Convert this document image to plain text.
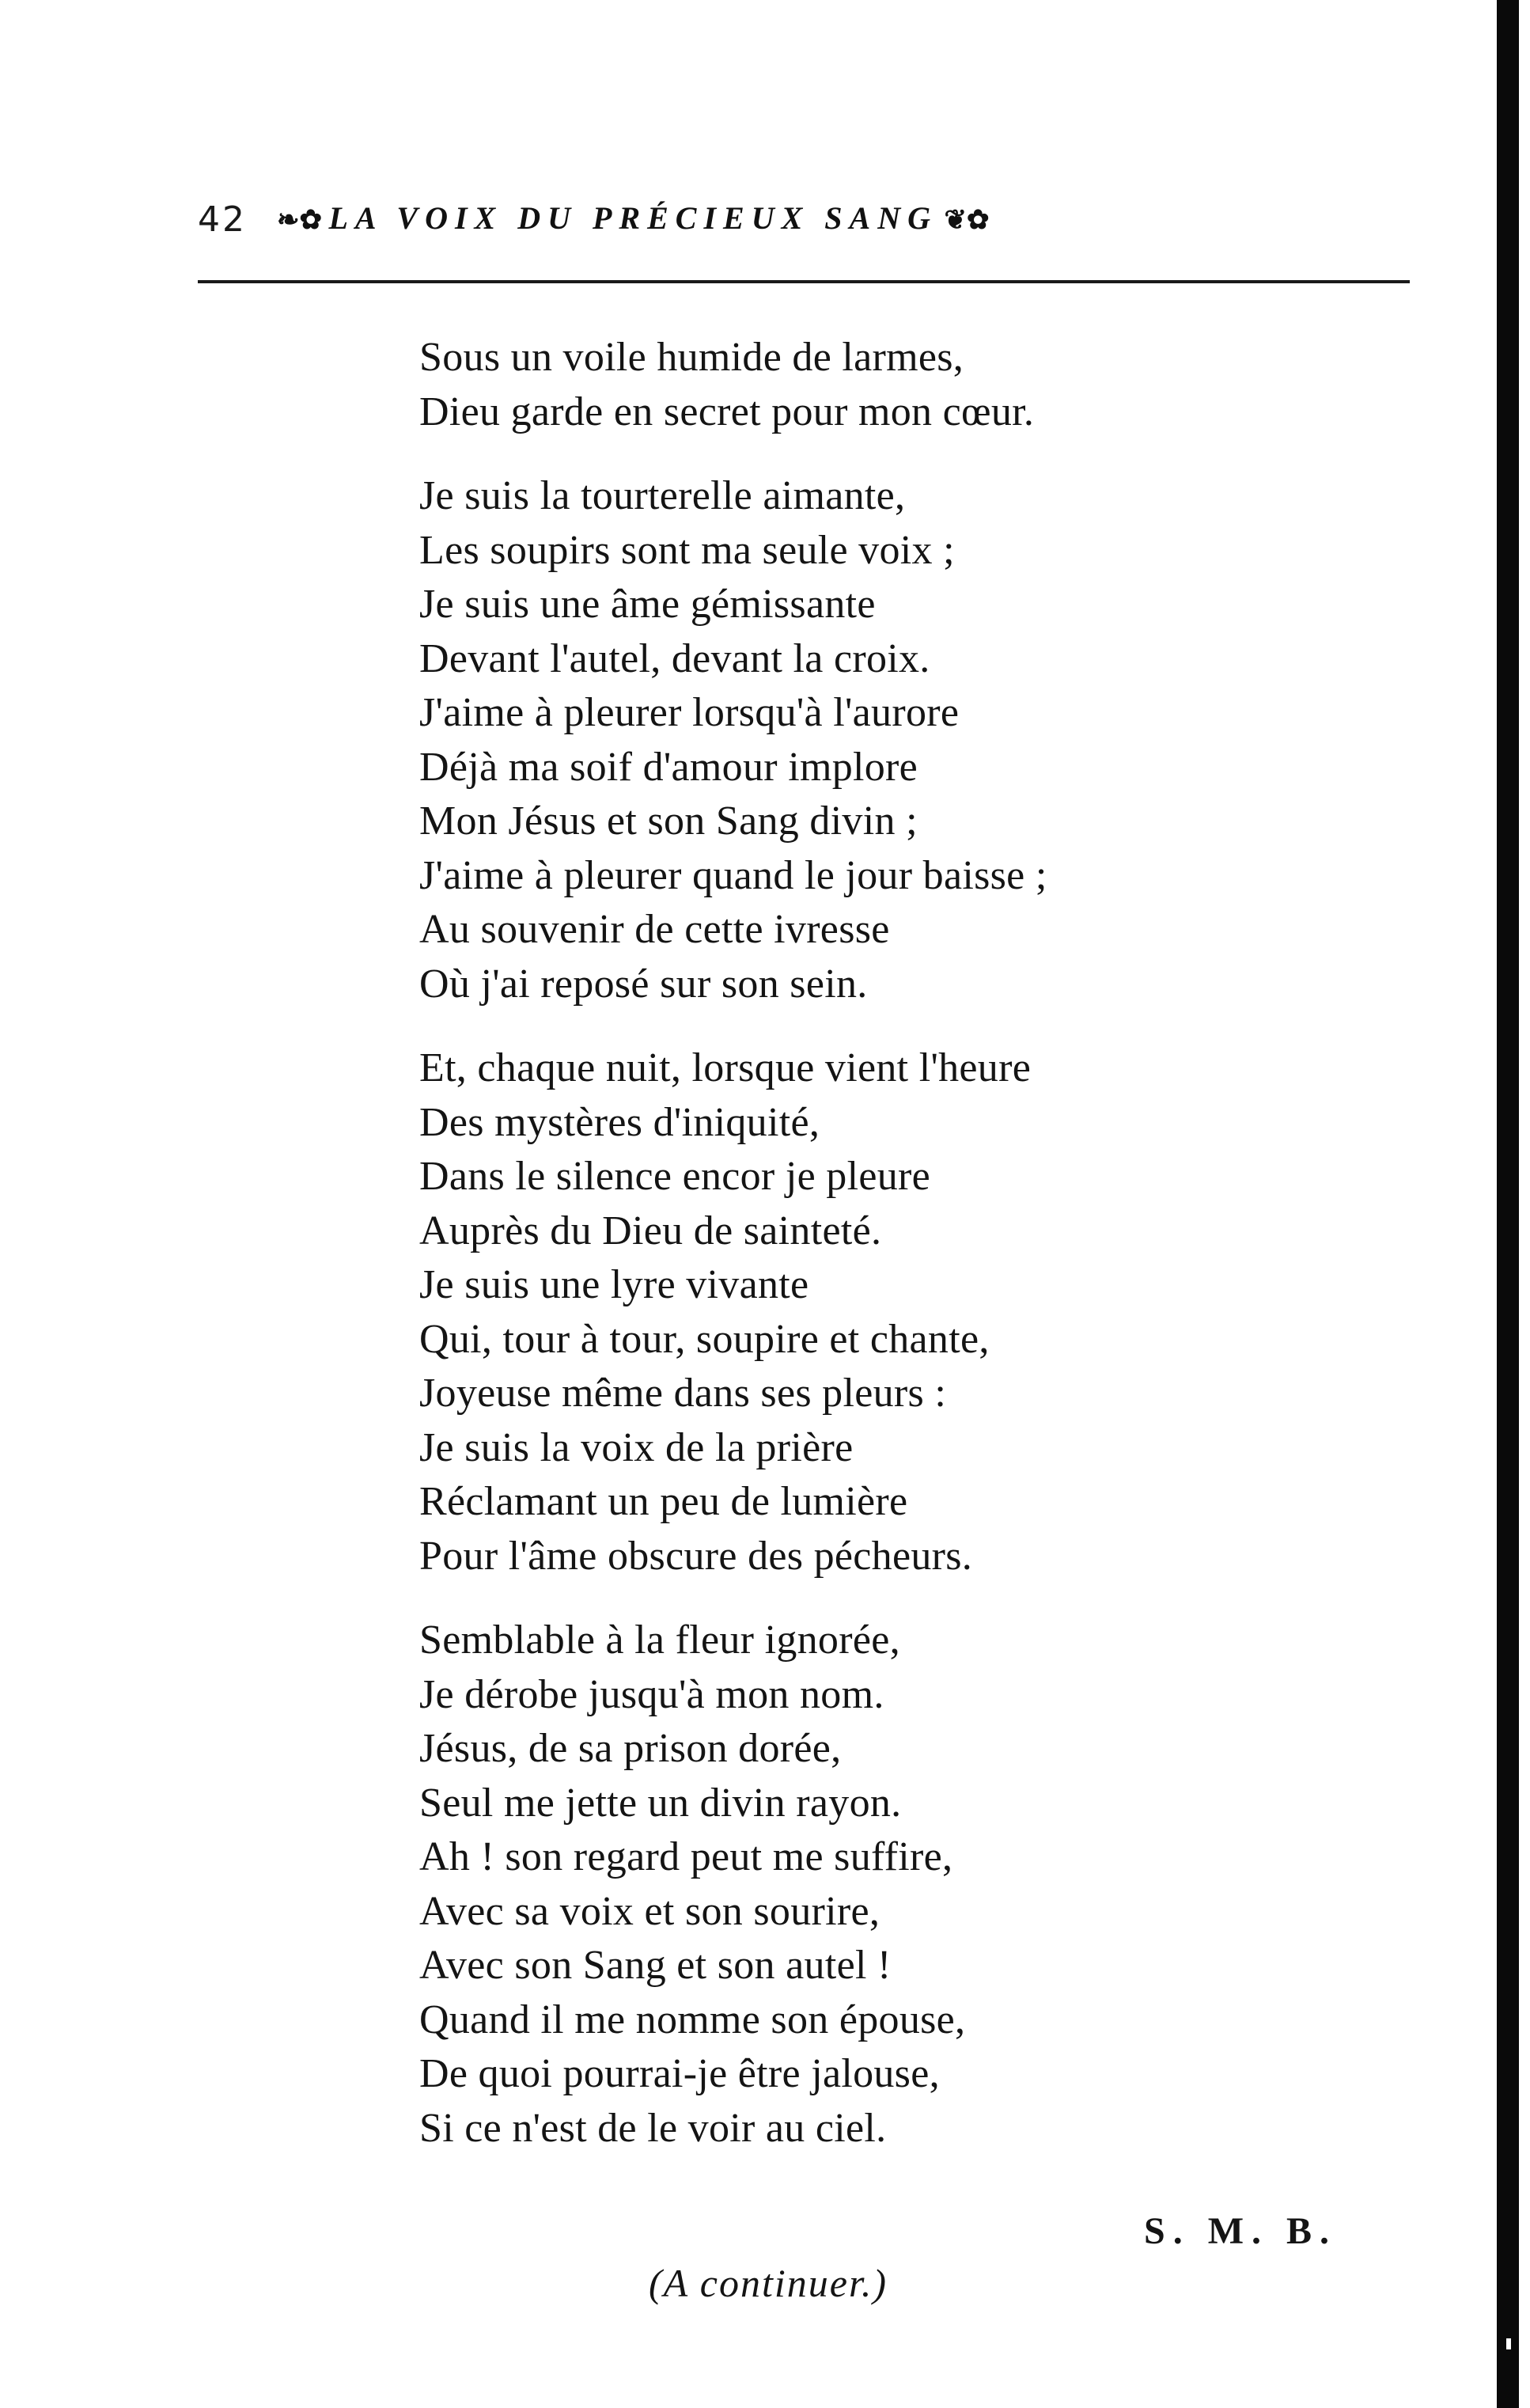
42 ❧✿ LA VOIX DU PRÉCIEUX SANG ❦✿
Sous un voile humide de larmes,
Dieu garde en secret pour mon cœur.
Je suis la tourterelle aimante,
Les soupirs sont ma seule voix ;
Je suis une âme gémissante
Devant l'autel, devant la croix.
J'aime à pleurer lorsqu'à l'aurore
Déjà ma soif d'amour implore
Mon Jésus et son Sang divin ;
J'aime à pleurer quand le jour baisse ;
Au souvenir de cette ivresse
Où j'ai reposé sur son sein.
Et, chaque nuit, lorsque vient l'heure
Des mystères d'iniquité,
Dans le silence encor je pleure
Auprès du Dieu de sainteté.
Je suis une lyre vivante
Qui, tour à tour, soupire et chante,
Joyeuse même dans ses pleurs :
Je suis la voix de la prière
Réclamant un peu de lumière
Pour l'âme obscure des pécheurs.
Semblable à la fleur ignorée,
Je dérobe jusqu'à mon nom.
Jésus, de sa prison dorée,
Seul me jette un divin rayon.
Ah ! son regard peut me suffire,
Avec sa voix et son sourire,
Avec son Sang et son autel !
Quand il me nomme son épouse,
De quoi pourrai-je être jalouse,
Si ce n'est de le voir au ciel.
S. M. B.
(A continuer.)
